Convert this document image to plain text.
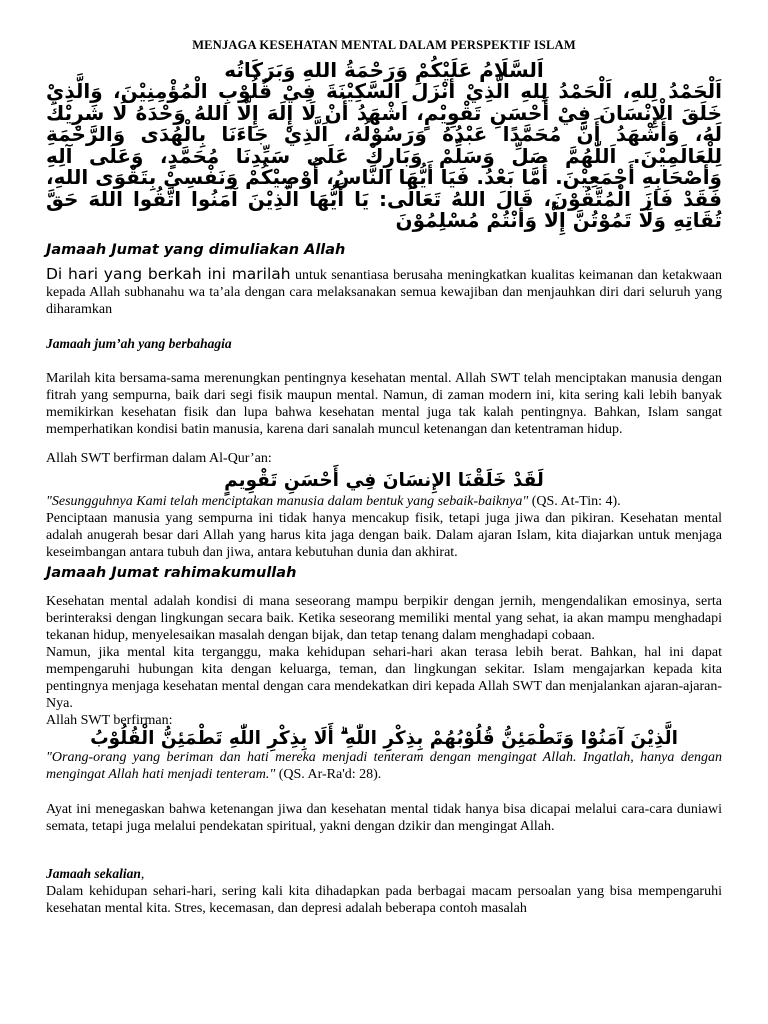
MENJAGA KESEHATAN MENTAL DALAM PERSPEKTIF ISLAM

اَلسَّلَامُ عَلَيْكُمْ وَرَحْمَةُ اللهِ وَبَرَكَاتُه

اَلْحَمْدُ لِلهِ، اَلْحَمْدُ لِلهِ الَّذِيْ أَنْزَلَ السَّكِيْنَةَ فِيْ قُلُوْبِ الْمُؤْمِنِيْنَ، وَالَّذِيْ خَلَقَ الْإِنْسَانَ فِيْ أَحْسَنِ تَقْوِيْمٍ، اَشْهَدُ أَنْ لَا إِلَهَ إِلَّا اللهُ وَحْدَهُ لَا شَرِيْكَ لَهُ، وَأَشْهَدُ أَنَّ مُحَمَّدًا عَبْدُهُ وَرَسُوْلُهُ، اَلَّذِيْ جَاءَنَا بِالْهُدَى وَالرَّحْمَةِ لِلْعَالَمِيْنَ. اَللّٰهُمَّ صَلِّ وَسَلِّمْ وَبَارِكْ عَلَى سَيِّدِنَا مُحَمَّدٍ، وَعَلَى آلِهِ وَأَصْحَابِهِ أَجْمَعِيْنَ. أَمَّا بَعْدُ. فَيَا أَيُّهَا النَّاسُ، أُوْصِيْكُمْ وَنَفْسِيْ بِتَقْوَى اللهِ، فَقَدْ فَازَ الْمُتَّقُوْنَ، قَالَ اللهُ تَعَالَى: يَا أَيُّهَا الَّذِيْنَ آمَنُوا اتَّقُوا اللهَ حَقَّ تُقَاتِهِ وَلَا تَمُوْتُنَّ إِلَّا وَأَنْتُمْ مُسْلِمُوْنَ

Jamaah Jumat yang dimuliakan Allah

Di hari yang berkah ini marilah untuk senantiasa berusaha meningkatkan kualitas keimanan dan ketakwaan kepada Allah subhanahu wa ta’ala dengan cara melaksanakan semua kewajiban dan menjauhkan diri dari seluruh yang diharamkan

Jamaah jum’ah yang berbahagia

Marilah kita bersama-sama merenungkan pentingnya kesehatan mental. Allah SWT telah menciptakan manusia dengan fitrah yang sempurna, baik dari segi fisik maupun mental. Namun, di zaman modern ini, kita sering kali lebih banyak memikirkan kesehatan fisik dan lupa bahwa kesehatan mental juga tak kalah pentingnya. Bahkan, Islam sangat memperhatikan kondisi batin manusia, karena dari sanalah muncul ketenangan dan ketentraman hidup.

Allah SWT berfirman dalam Al-Qur’an:

لَقَدْ خَلَقْنَا الإِنسَانَ فِي أَحْسَنِ تَقْوِيمٍ

"Sesungguhnya Kami telah menciptakan manusia dalam bentuk yang sebaik-baiknya" (QS. At-Tin: 4).

Penciptaan manusia yang sempurna ini tidak hanya mencakup fisik, tetapi juga jiwa dan pikiran. Kesehatan mental adalah anugerah besar dari Allah yang harus kita jaga dengan baik. Dalam ajaran Islam, kita diajarkan untuk menjaga keseimbangan antara tubuh dan jiwa, antara kebutuhan dunia dan akhirat.

Jamaah Jumat rahimakumullah

Kesehatan mental adalah kondisi di mana seseorang mampu berpikir dengan jernih, mengendalikan emosinya, serta berinteraksi dengan lingkungan secara baik. Ketika seseorang memiliki mental yang sehat, ia akan mampu menghadapi tekanan hidup, menyelesaikan masalah dengan bijak, dan tetap tenang dalam menghadapi cobaan.

Namun, jika mental kita terganggu, maka kehidupan sehari-hari akan terasa lebih berat. Bahkan, hal ini dapat mempengaruhi hubungan kita dengan keluarga, teman, dan lingkungan sekitar. Islam mengajarkan kepada kita pentingnya menjaga kesehatan mental dengan cara mendekatkan diri kepada Allah SWT dan menjalankan ajaran-ajaran-Nya.

Allah SWT berfirman:

الَّذِيْنَ آمَنُوْا وَتَطْمَئِنُّ قُلُوْبُهُمْ بِذِكْرِ اللّٰهِ ۗ أَلَا بِذِكْرِ اللّٰهِ تَطْمَئِنُّ الْقُلُوْبُ

"Orang-orang yang beriman dan hati mereka menjadi tenteram dengan mengingat Allah. Ingatlah, hanya dengan mengingat Allah hati menjadi tenteram." (QS. Ar-Ra'd: 28).

Ayat ini menegaskan bahwa ketenangan jiwa dan kesehatan mental tidak hanya bisa dicapai melalui cara-cara duniawi semata, tetapi juga melalui pendekatan spiritual, yakni dengan dzikir dan mengingat Allah.

Jamaah sekalian,

Dalam kehidupan sehari-hari, sering kali kita dihadapkan pada berbagai macam persoalan yang bisa mempengaruhi kesehatan mental kita. Stres, kecemasan, dan depresi adalah beberapa contoh masalah
